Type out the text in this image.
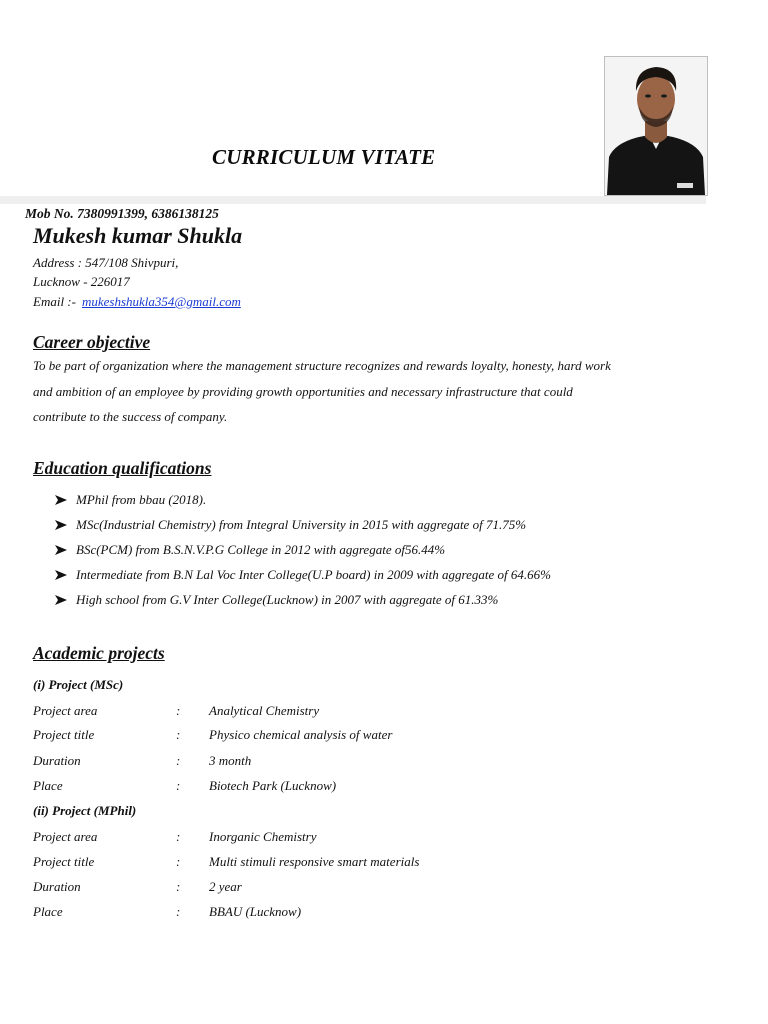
CURRICULUM VITATE
Mob No. 7380991399, 6386138125
Mukesh kumar Shukla
Address : 547/108 Shivpuri,
Lucknow - 226017
Email :- mukeshshukla354@gmail.com
Career objective
To be part of organization where the management structure recognizes and rewards loyalty, honesty, hard work
and ambition of an employee by providing growth opportunities and necessary infrastructure that could
contribute to the success of company.
Education qualifications
MPhil from bbau (2018).
MSc(Industrial Chemistry) from Integral University in 2015 with aggregate of 71.75%
BSc(PCM) from B.S.N.V.P.G College in 2012 with aggregate of56.44%
Intermediate from B.N Lal Voc Inter College(U.P board) in 2009 with aggregate of 64.66%
High school from G.V Inter College(Lucknow) in 2007 with aggregate of 61.33%
Academic projects
(i) Project (MSc)
Project area	: Analytical Chemistry
Project title	: Physico chemical analysis of water
Duration	: 3 month
Place	: Biotech Park (Lucknow)
(ii) Project (MPhil)
Project area	: Inorganic Chemistry
Project title	: Multi stimuli responsive smart materials
Duration	: 2 year
Place	: BBAU (Lucknow)
